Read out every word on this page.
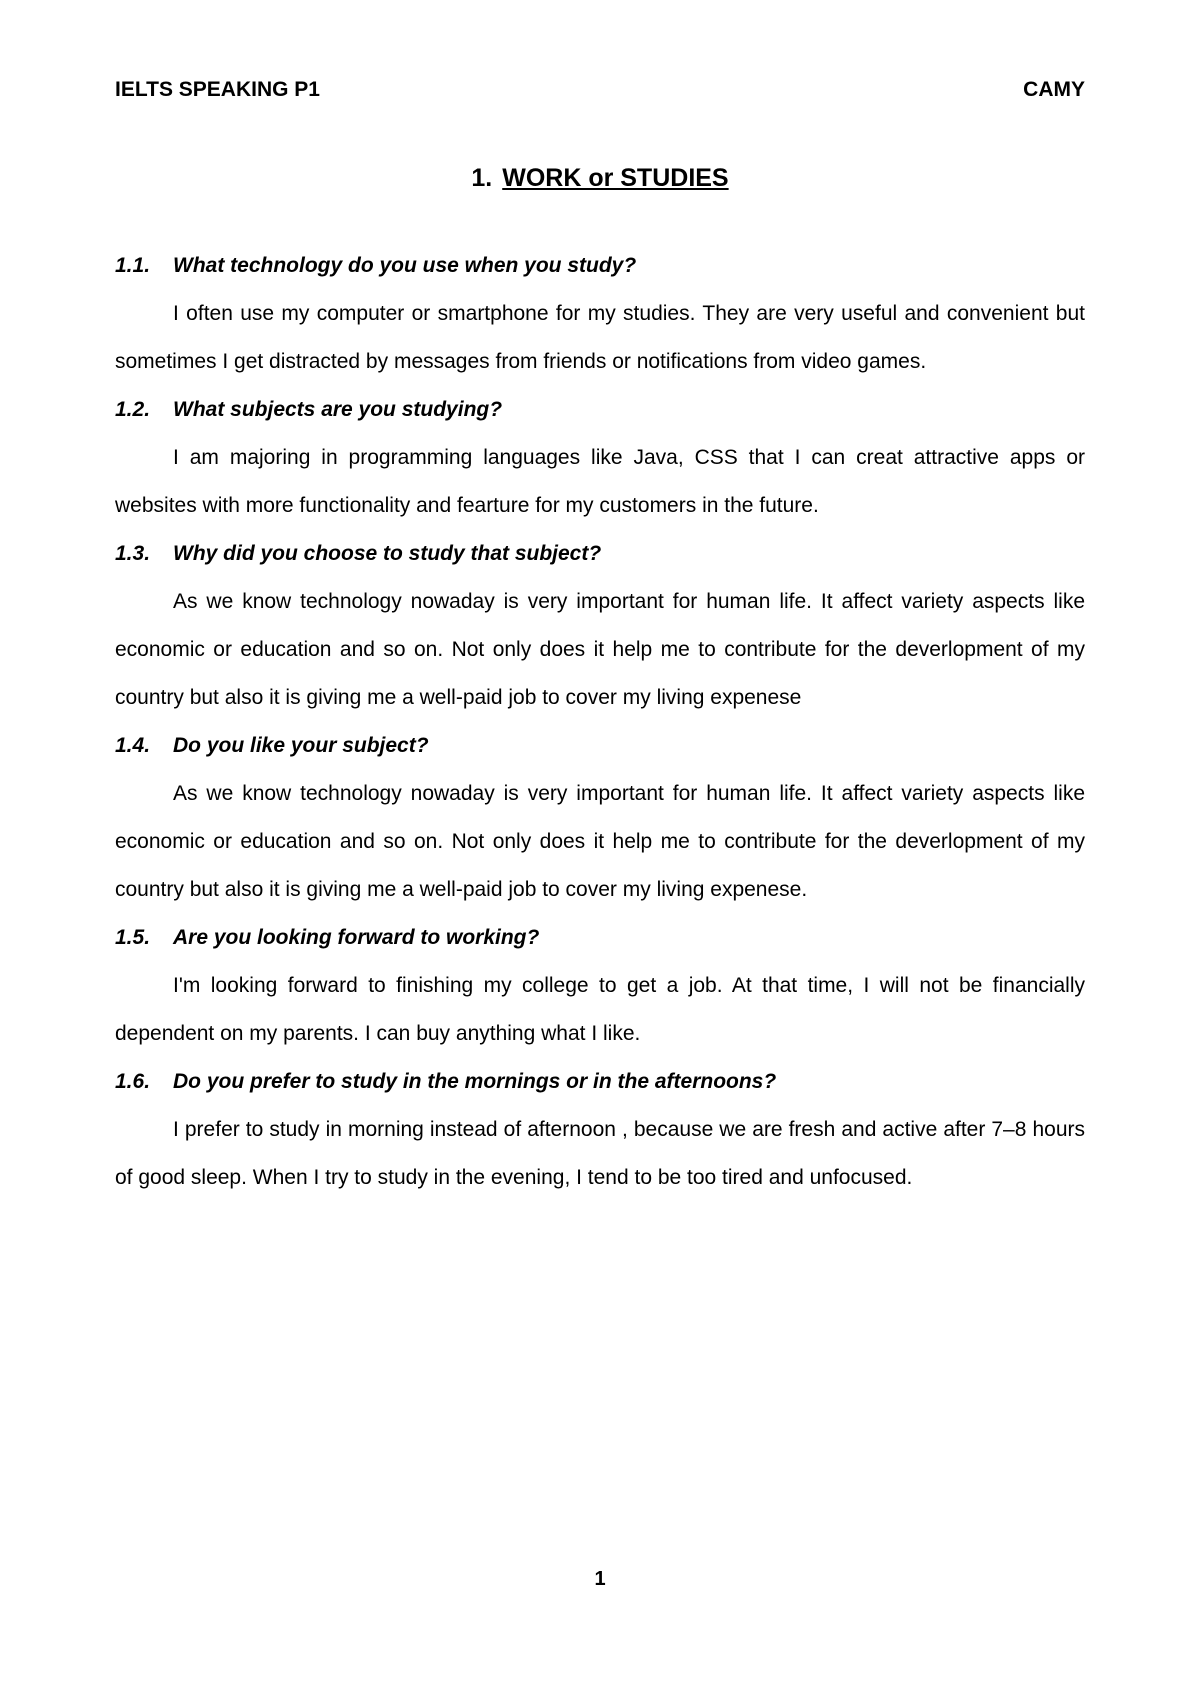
IELTS SPEAKING P1	CAMY
1. WORK or STUDIES
1.1.	What technology do you use when you study?

I often use my computer or smartphone for my studies. They are very useful and convenient but sometimes I get distracted by messages from friends or notifications from video games.

1.2.	What subjects are you studying?

I am majoring in programming languages like Java, CSS that I can creat attractive apps or websites with more functionality and fearture for my customers in the future.

1.3.	Why did you choose to study that subject?

As we know technology nowaday is very important for human life. It affect variety aspects like economic or education and so on. Not only does it help me to contribute for the deverlopment of my country but also it is giving me a well-paid job to cover my living expenese

1.4.	Do you like your subject?

As we know technology nowaday is very important for human life. It affect variety aspects like economic or education and so on. Not only does it help me to contribute for the deverlopment of my country but also it is giving me a well-paid job to cover my living expenese.

1.5.	Are you looking forward to working?

I'm looking forward to finishing my college to get a job. At that time, I will not be financially dependent on my parents. I can buy anything what I like.

1.6.	Do you prefer to study in the mornings or in the afternoons?

I prefer to study in morning instead of afternoon , because we are fresh and active after 7–8 hours of good sleep. When I try to study in the evening, I tend to be too tired and unfocused.

1
